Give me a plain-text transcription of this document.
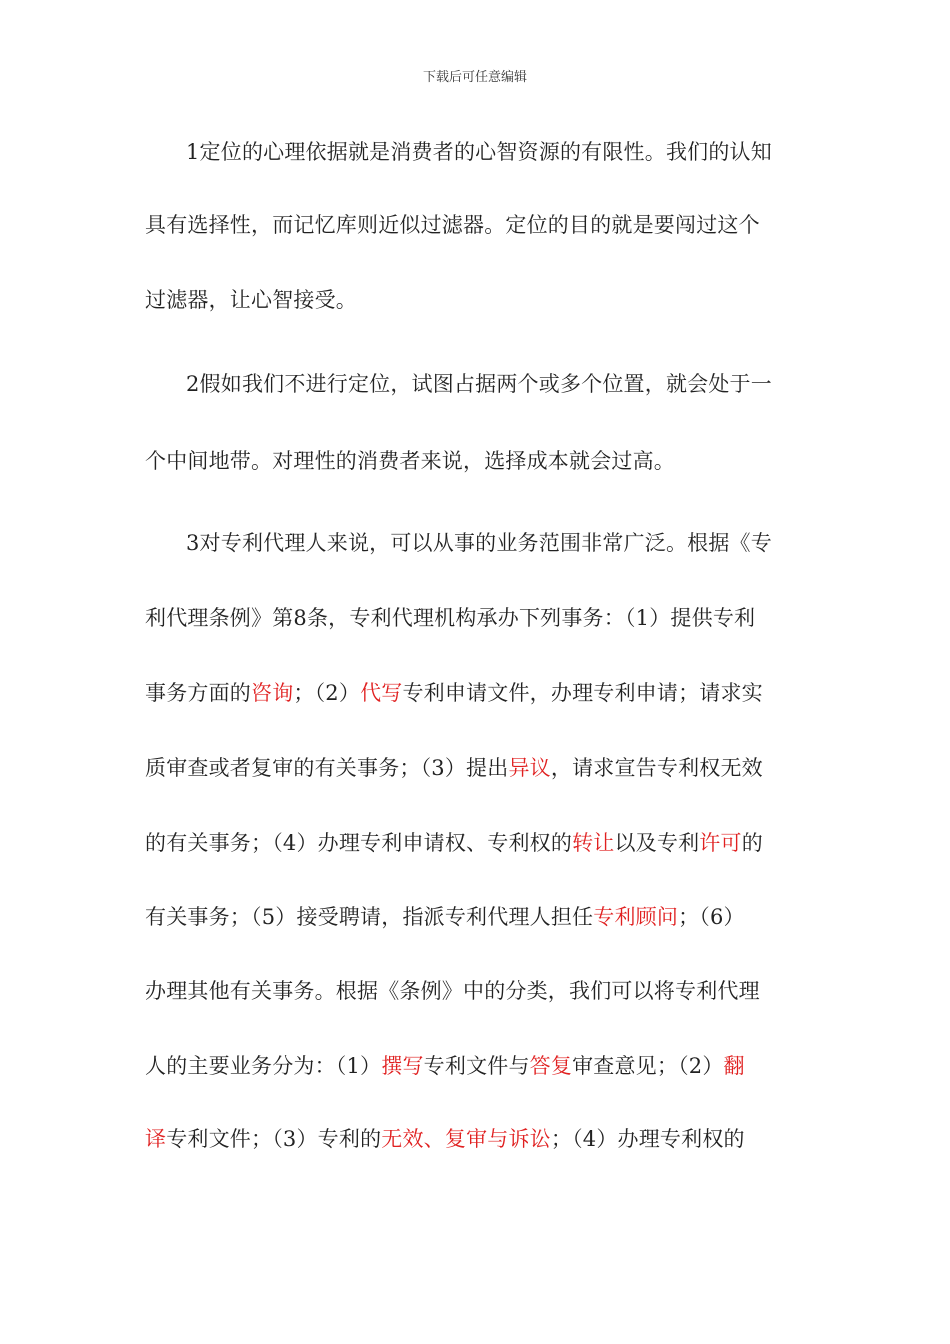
下载后可任意编辑
1定位的心理依据就是消费者的心智资源的有限性。我们的认知
具有选择性，而记忆库则近似过滤器。定位的目的就是要闯过这个
过滤器，让心智接受。
2假如我们不进行定位，试图占据两个或多个位置，就会处于一
个中间地带。对理性的消费者来说，选择成本就会过高。
3对专利代理人来说，可以从事的业务范围非常广泛。根据《专
利代理条例》第8条，专利代理机构承办下列事务：（1）提供专利
事务方面的咨询；（2）代写专利申请文件，办理专利申请；请求实
质审查或者复审的有关事务；（3）提出异议，请求宣告专利权无效
的有关事务；（4）办理专利申请权、专利权的转让以及专利许可的
有关事务；（5）接受聘请，指派专利代理人担任专利顾问；（6）
办理其他有关事务。根据《条例》中的分类，我们可以将专利代理
人的主要业务分为：（1）撰写专利文件与答复审查意见；（2）翻
译专利文件；（3）专利的无效、复审与诉讼；（4）办理专利权的
